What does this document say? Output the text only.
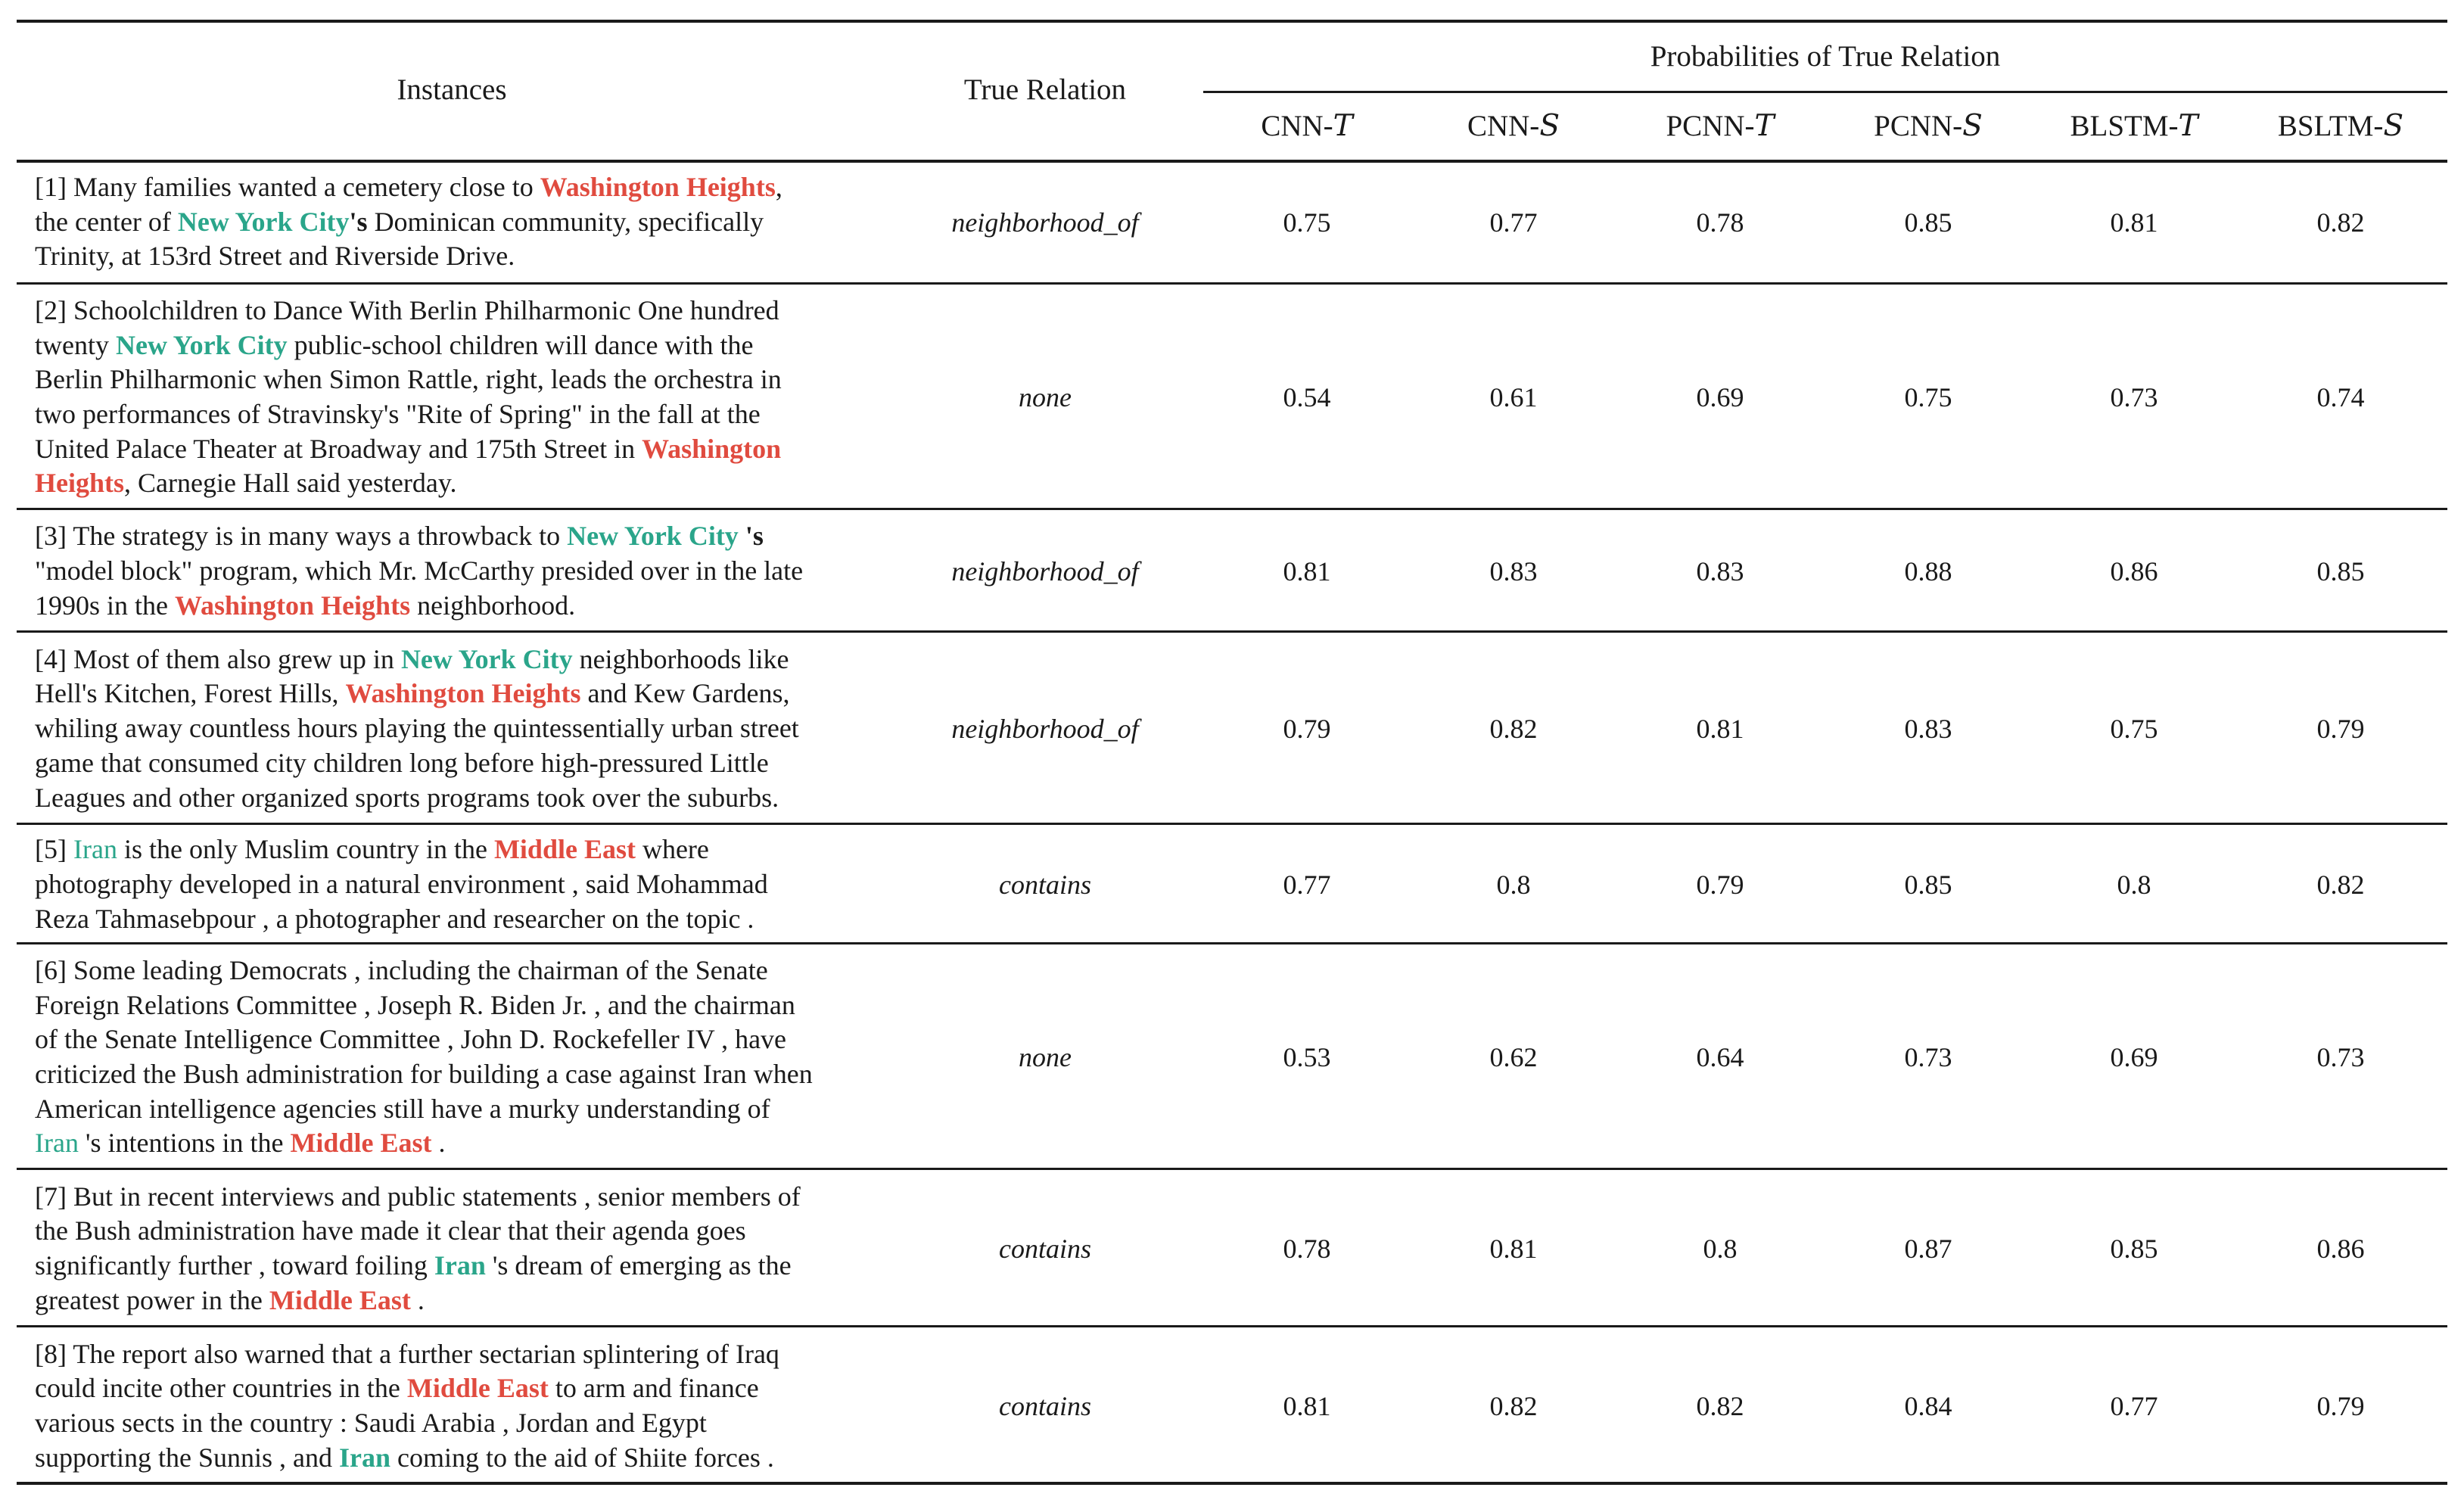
Instances	True Relation
Probabilities of True Relation
CNN- T	CNN- S	PCNN- T	PCNN- S	BLSTM- T	BSLTM- S
[1] Many families wanted a cemetery close to Washington Heights,
the center of New York City's Dominican community, specifically
Trinity, at 153rd Street and Riverside Drive.
neighborhood_of	0.75	0.77	0.78	0.85	0.81	0.82
[2] Schoolchildren to Dance With Berlin Philharmonic One hundred
twenty New York City public-school children will dance with the
Berlin Philharmonic when Simon Rattle, right, leads the orchestra in
two performances of Stravinsky's "Rite of Spring" in the fall at the
United Palace Theater at Broadway and 175th Street in Washington
Heights, Carnegie Hall said yesterday.
none	0.54	0.61	0.69	0.75	0.73	0.74
[3] The strategy is in many ways a throwback to New York City 's
"model block" program, which Mr. McCarthy presided over in the late
1990s in the Washington Heights neighborhood.
neighborhood_of	0.81	0.83	0.83	0.88	0.86	0.85
[4] Most of them also grew up in New York City neighborhoods like
Hell's Kitchen, Forest Hills, Washington Heights and Kew Gardens,
whiling away countless hours playing the quintessentially urban street
game that consumed city children long before high-pressured Little
Leagues and other organized sports programs took over the suburbs.
neighborhood_of	0.79	0.82	0.81	0.83	0.75	0.79
[5] Iran is the only Muslim country in the Middle East where
photography developed in a natural environment , said Mohammad
Reza Tahmasebpour , a photographer and researcher on the topic .
contains	0.77	0.8	0.79	0.85	0.8	0.82
[6] Some leading Democrats , including the chairman of the Senate
Foreign Relations Committee , Joseph R. Biden Jr. , and the chairman
of the Senate Intelligence Committee , John D. Rockefeller IV , have
criticized the Bush administration for building a case against Iran when
American intelligence agencies still have a murky understanding of
Iran 's intentions in the Middle East .
none	0.53	0.62	0.64	0.73	0.69	0.73
[7] But in recent interviews and public statements , senior members of
the Bush administration have made it clear that their agenda goes
significantly further , toward foiling Iran 's dream of emerging as the
greatest power in the Middle East .
contains	0.78	0.81	0.8	0.87	0.85	0.86
[8] The report also warned that a further sectarian splintering of Iraq
could incite other countries in the Middle East to arm and finance
various sects in the country : Saudi Arabia , Jordan and Egypt
supporting the Sunnis , and Iran coming to the aid of Shiite forces .
contains	0.81	0.82	0.82	0.84	0.77	0.79
